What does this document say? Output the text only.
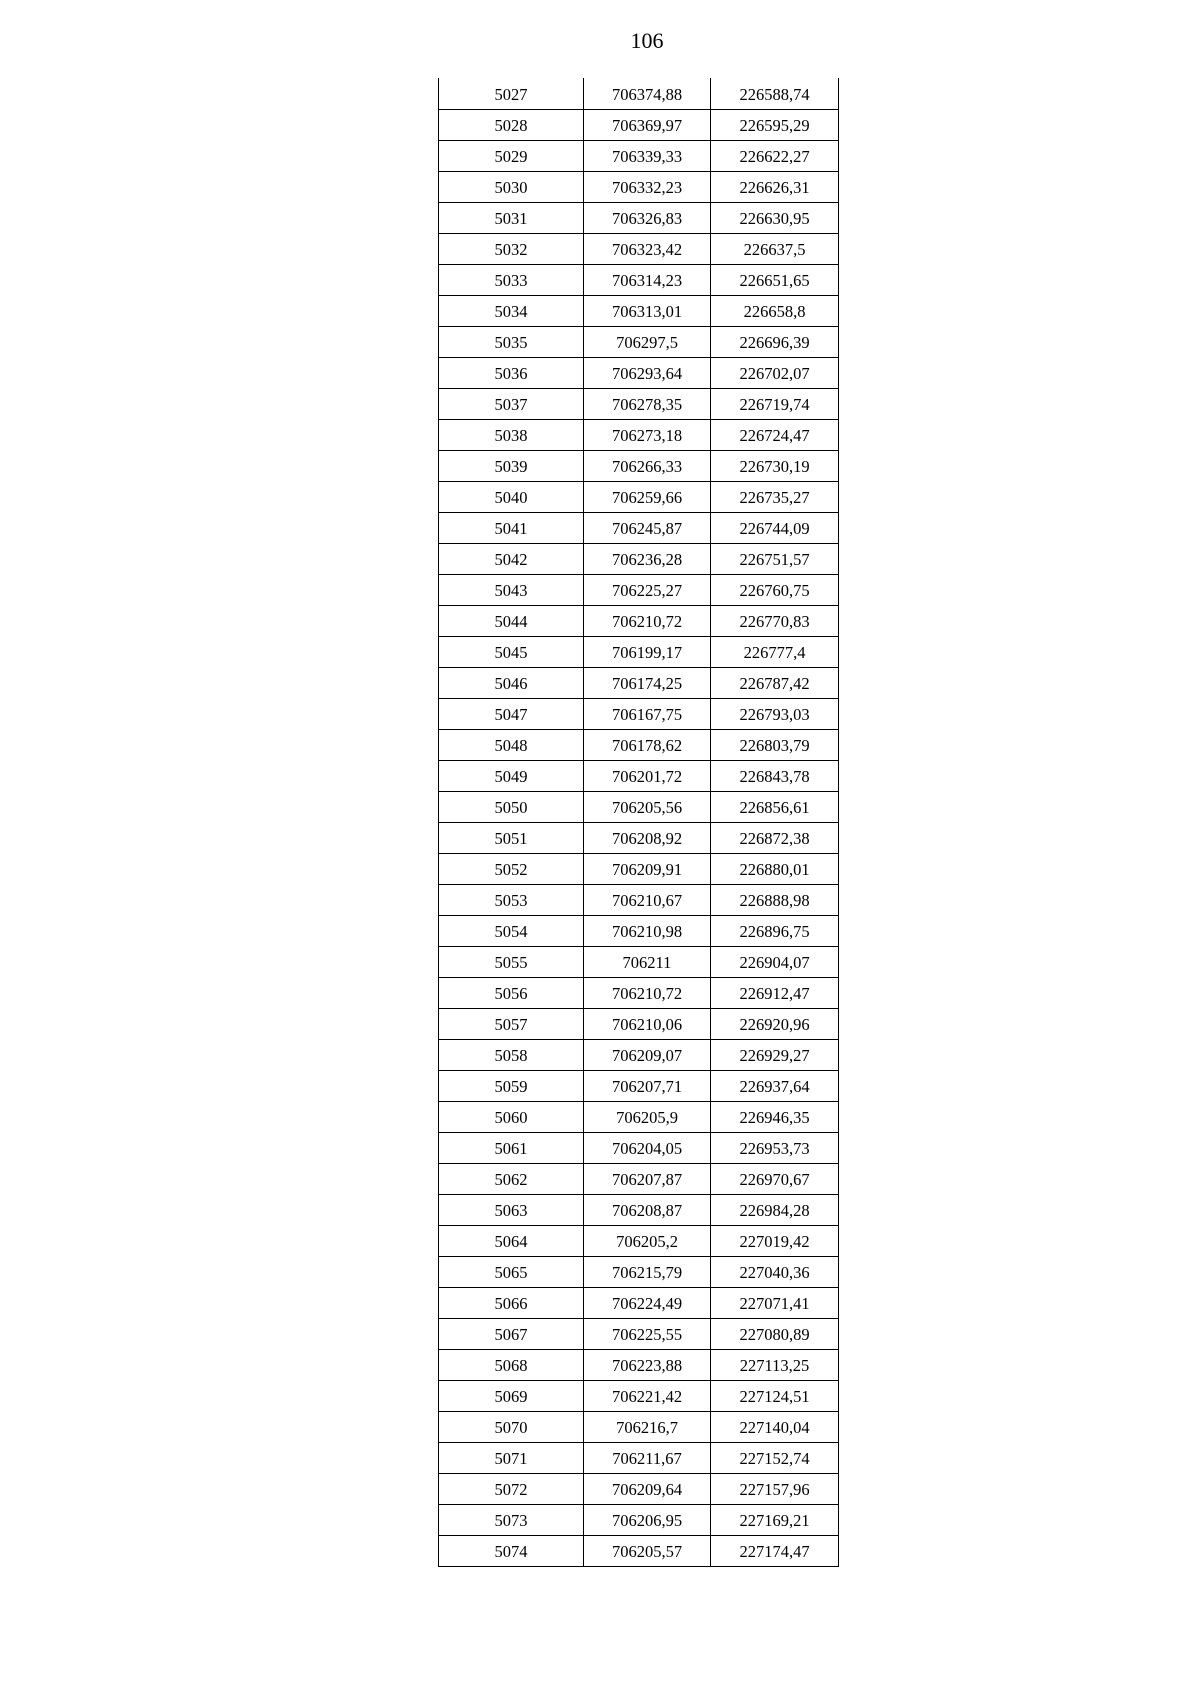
106
5027	706374,88	226588,74
5028	706369,97	226595,29
5029	706339,33	226622,27
5030	706332,23	226626,31
5031	706326,83	226630,95
5032	706323,42	226637,5
5033	706314,23	226651,65
5034	706313,01	226658,8
5035	706297,5	226696,39
5036	706293,64	226702,07
5037	706278,35	226719,74
5038	706273,18	226724,47
5039	706266,33	226730,19
5040	706259,66	226735,27
5041	706245,87	226744,09
5042	706236,28	226751,57
5043	706225,27	226760,75
5044	706210,72	226770,83
5045	706199,17	226777,4
5046	706174,25	226787,42
5047	706167,75	226793,03
5048	706178,62	226803,79
5049	706201,72	226843,78
5050	706205,56	226856,61
5051	706208,92	226872,38
5052	706209,91	226880,01
5053	706210,67	226888,98
5054	706210,98	226896,75
5055	706211	226904,07
5056	706210,72	226912,47
5057	706210,06	226920,96
5058	706209,07	226929,27
5059	706207,71	226937,64
5060	706205,9	226946,35
5061	706204,05	226953,73
5062	706207,87	226970,67
5063	706208,87	226984,28
5064	706205,2	227019,42
5065	706215,79	227040,36
5066	706224,49	227071,41
5067	706225,55	227080,89
5068	706223,88	227113,25
5069	706221,42	227124,51
5070	706216,7	227140,04
5071	706211,67	227152,74
5072	706209,64	227157,96
5073	706206,95	227169,21
5074	706205,57	227174,47
